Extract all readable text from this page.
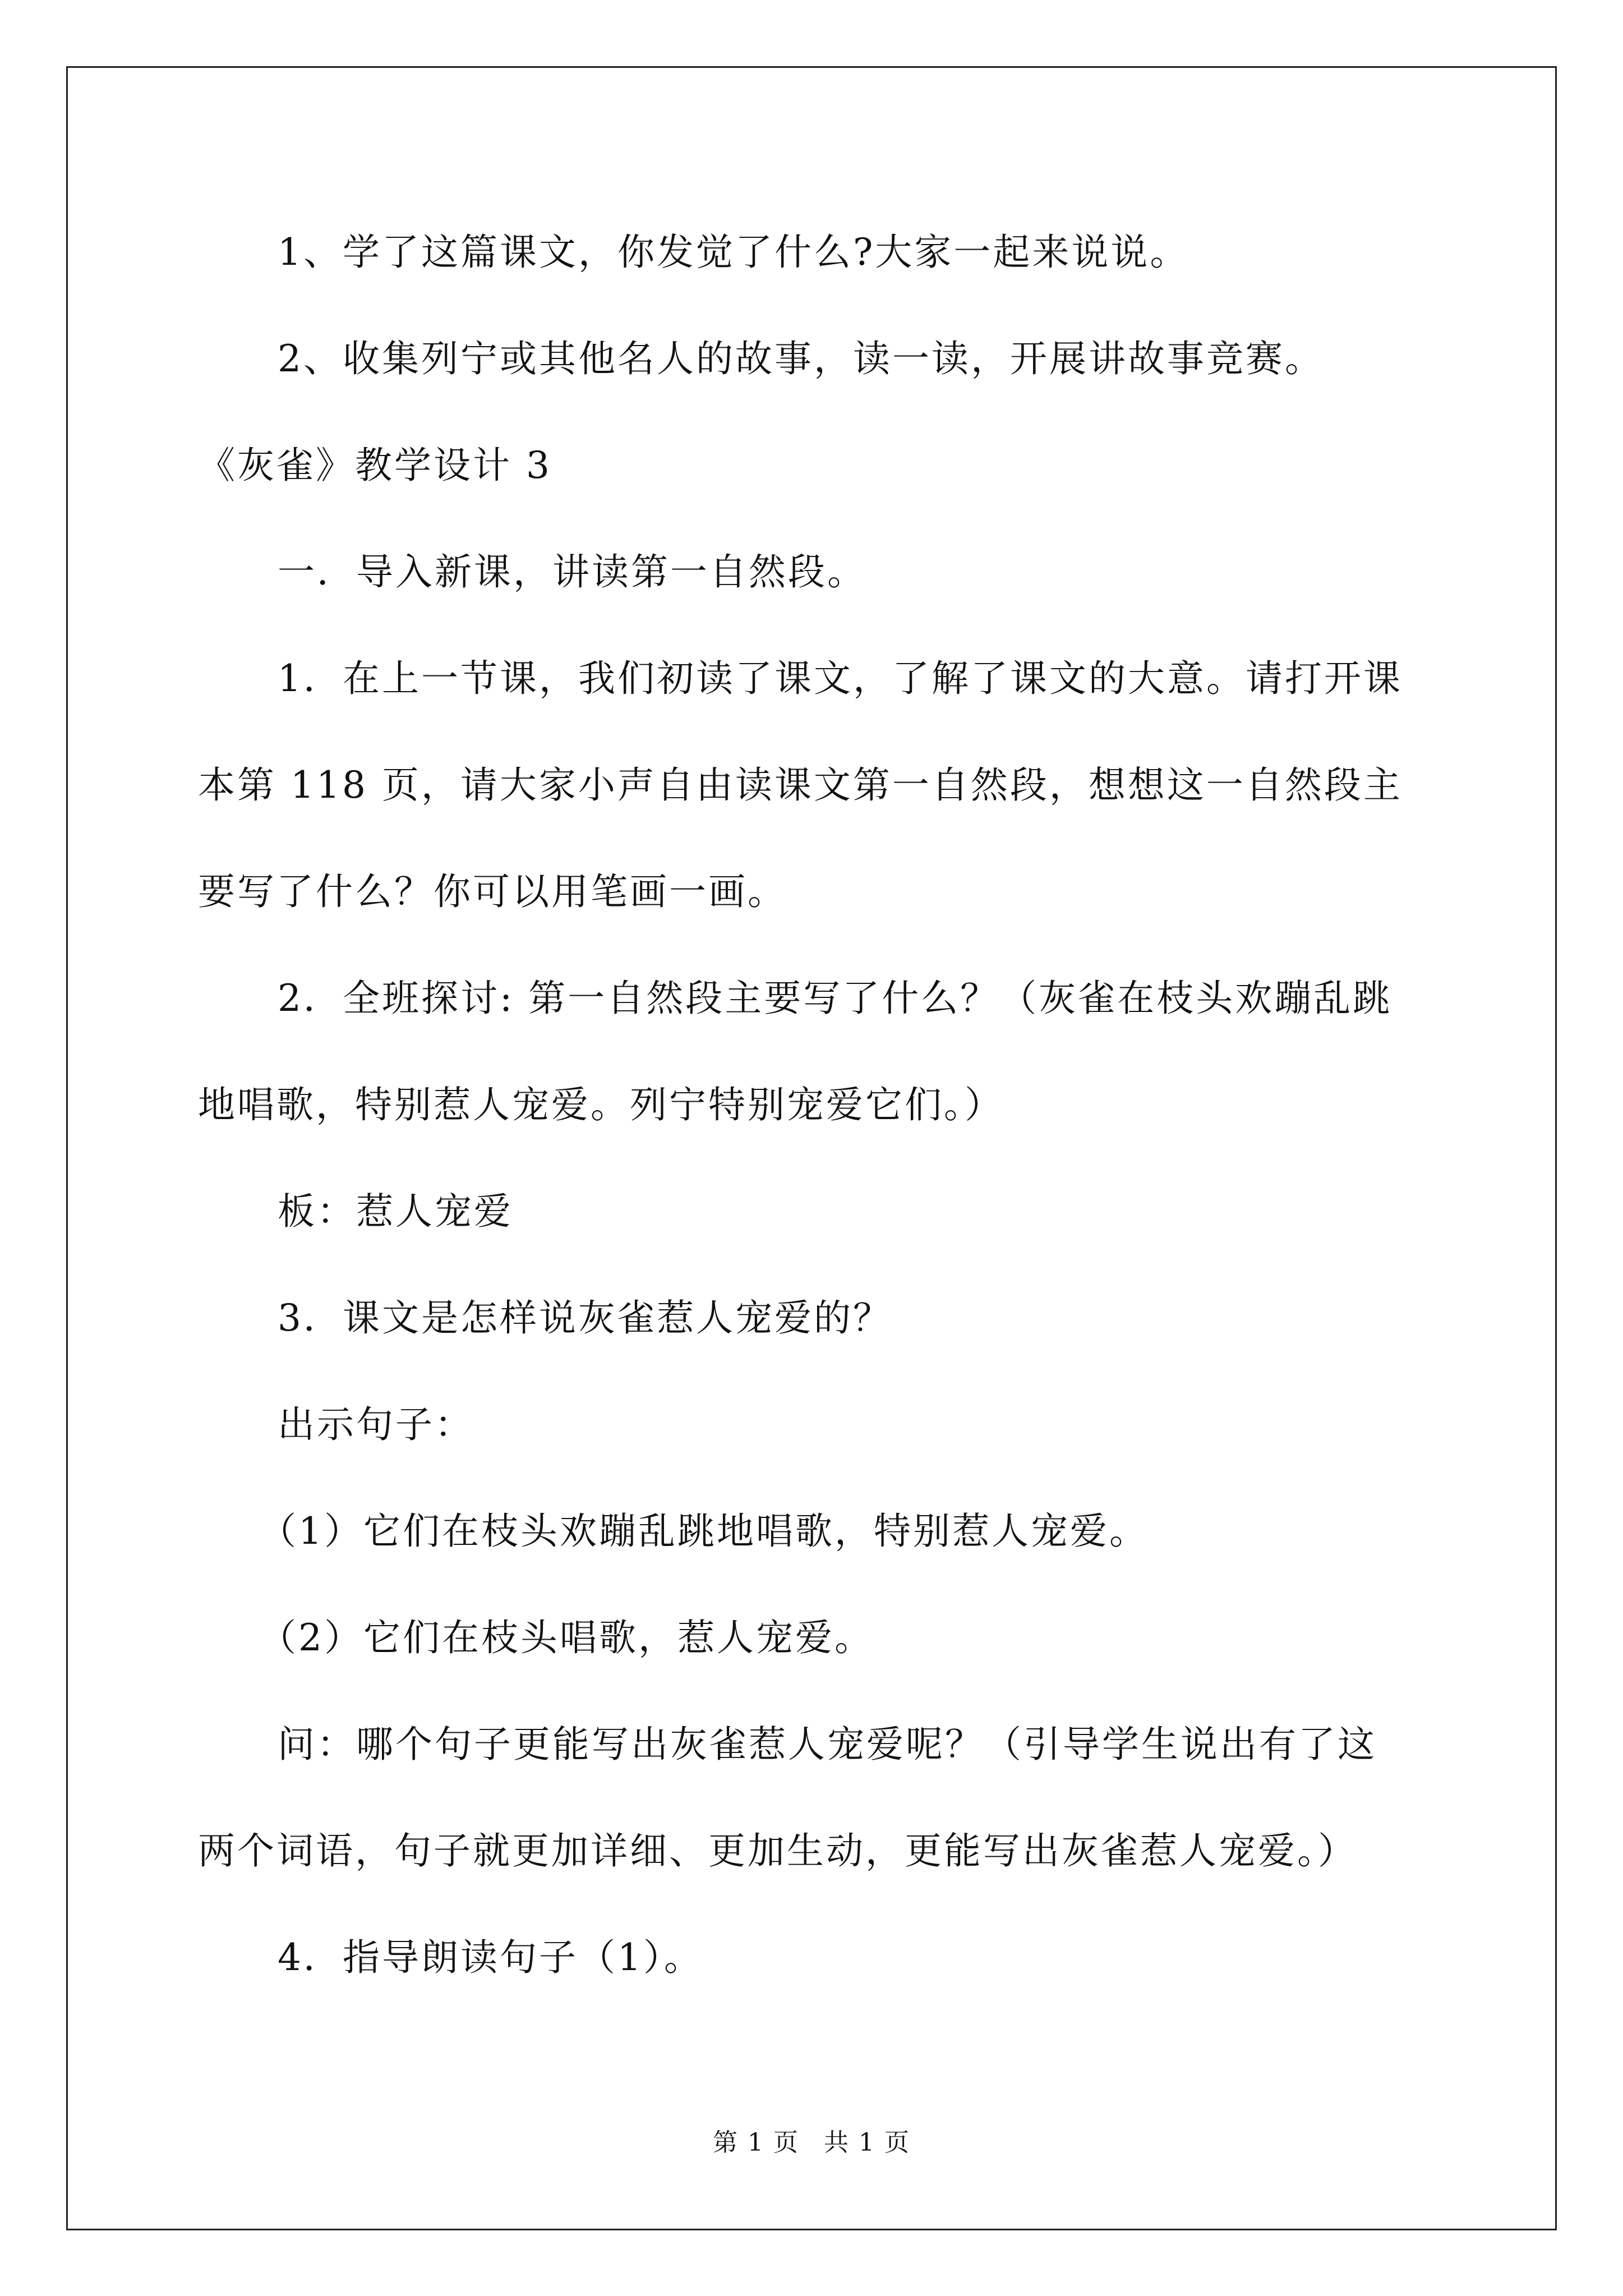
1、学了这篇课文，你发觉了什么?大家一起来说说。
2、收集列宁或其他名人的故事，读一读，开展讲故事竞赛。
《灰雀》教学设计 3
一．导入新课，讲读第一自然段。
1．在上一节课，我们初读了课文，了解了课文的大意。请打开课
本第 118 页，请大家小声自由读课文第一自然段，想想这一自然段主
要写了什么？你可以用笔画一画。
2．全班探讨: 第一自然段主要写了什么？（灰雀在枝头欢蹦乱跳
地唱歌，特别惹人宠爱。列宁特别宠爱它们。）
板：惹人宠爱
3．课文是怎样说灰雀惹人宠爱的？
出示句子：
（1）它们在枝头欢蹦乱跳地唱歌，特别惹人宠爱。
（2）它们在枝头唱歌，惹人宠爱。
问：哪个句子更能写出灰雀惹人宠爱呢？（引导学生说出有了这
两个词语，句子就更加详细、更加生动，更能写出灰雀惹人宠爱。）
4．指导朗读句子（1）。
第 1 页 共 1 页
